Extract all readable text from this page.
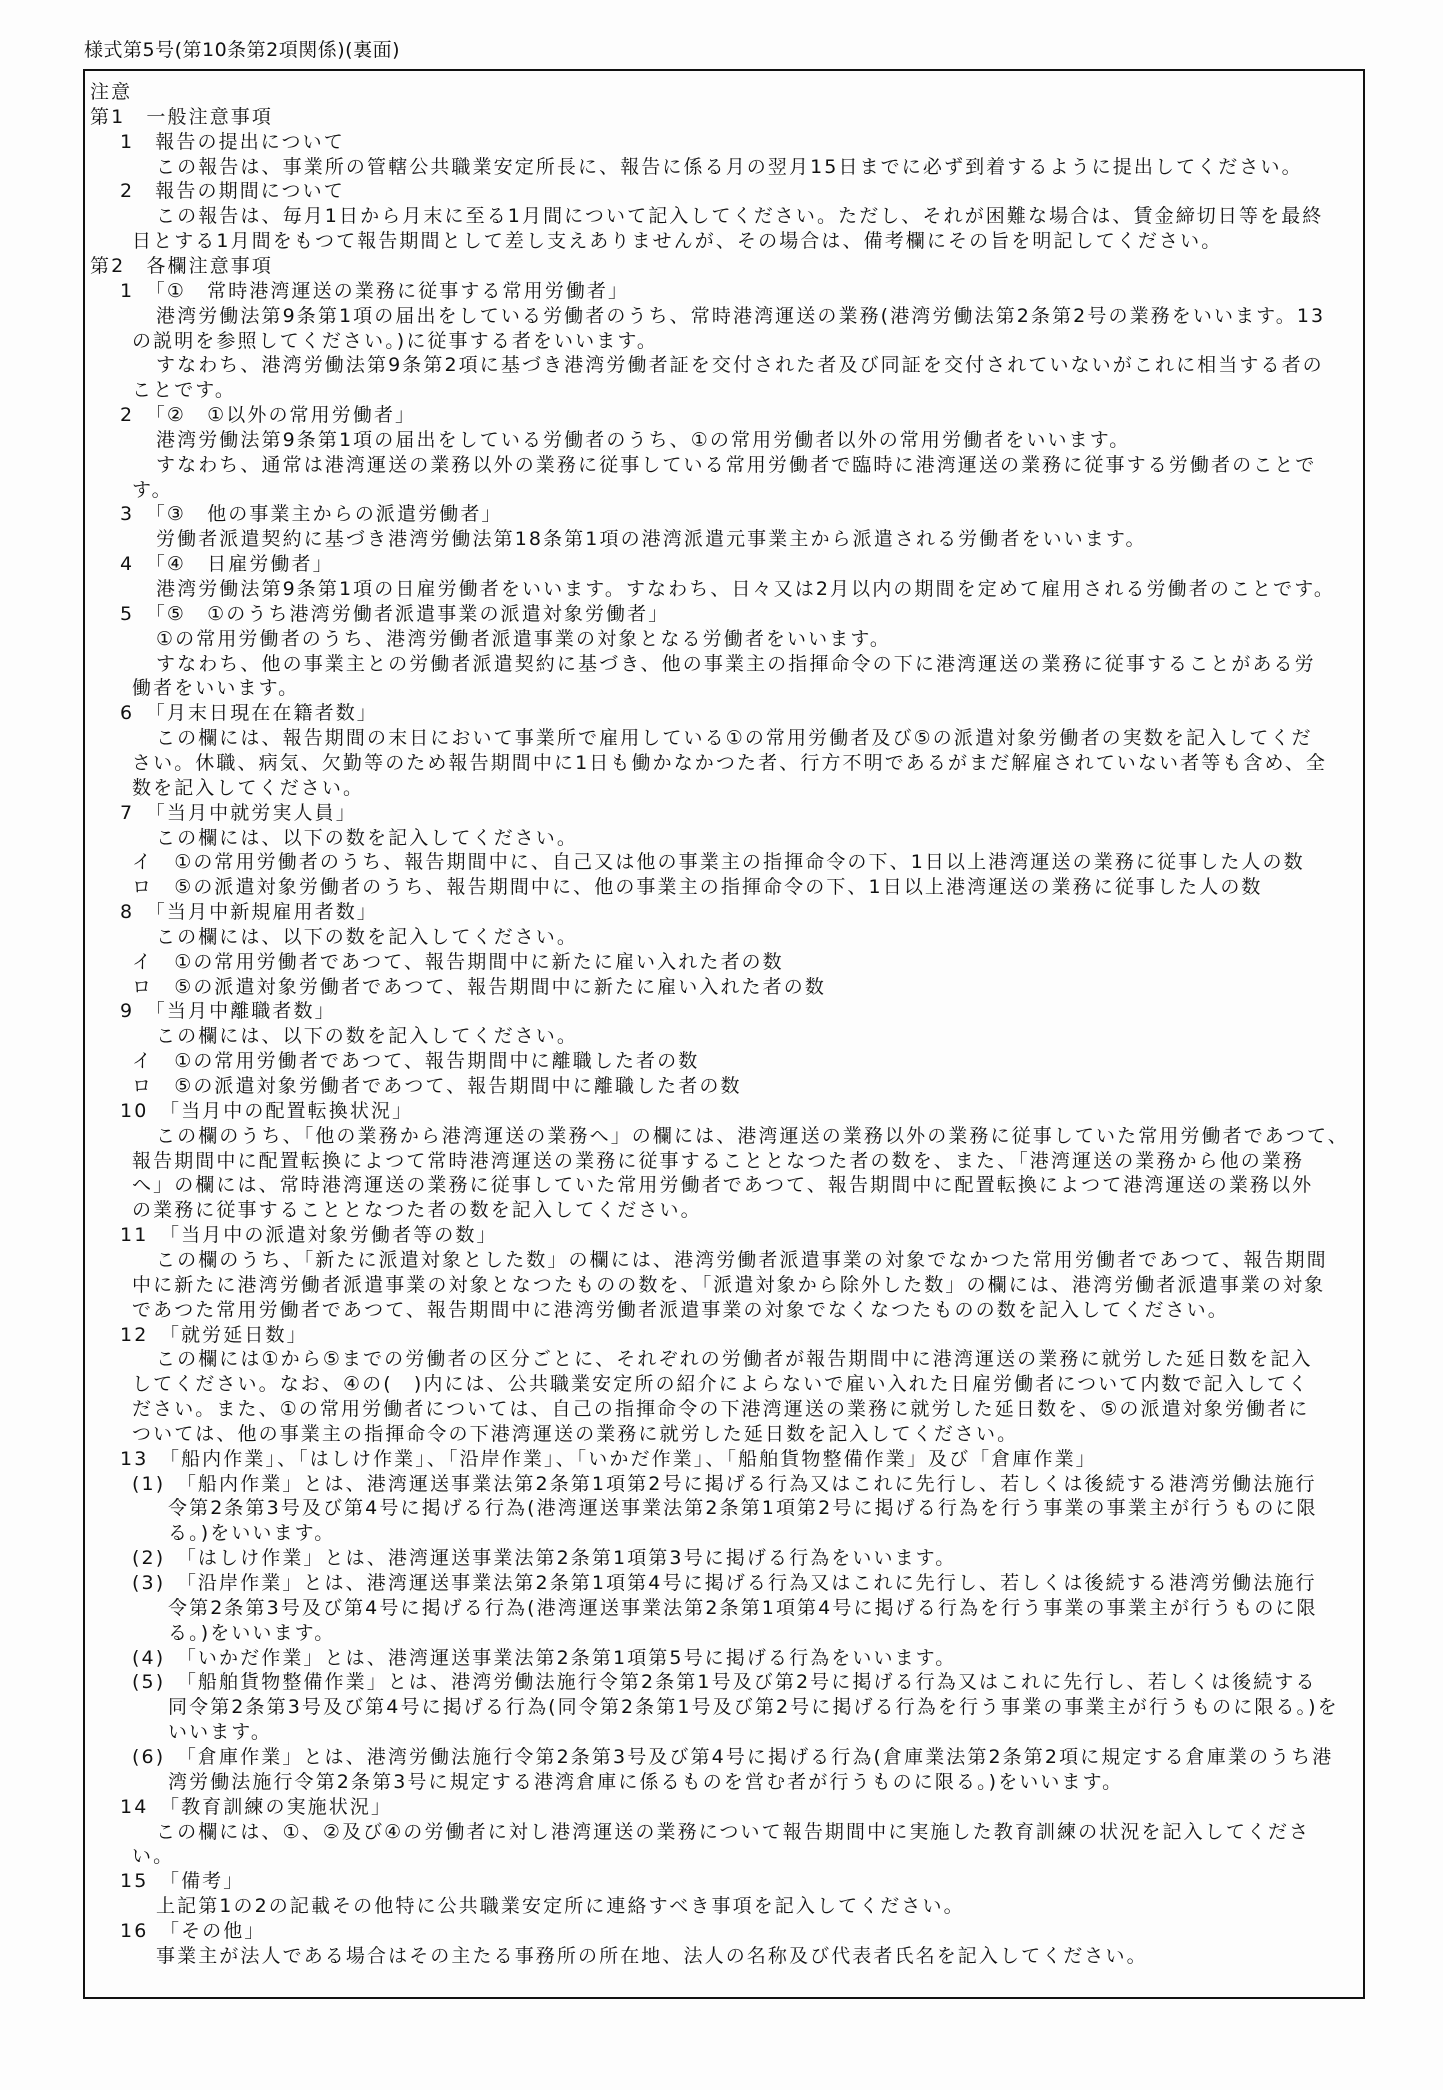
様式第5号(第10条第2項関係)(裏面)
注意
第1　一般注意事項
1　報告の提出について
この報告は、事業所の管轄公共職業安定所長に、報告に係る月の翌月15日までに必ず到着するように提出してください。
2　報告の期間について
この報告は、毎月1日から月末に至る1月間について記入してください。ただし、それが困難な場合は、賃金締切日等を最終
日とする1月間をもつて報告期間として差し支えありませんが、その場合は、備考欄にその旨を明記してください。
第2　各欄注意事項
1　「①　常時港湾運送の業務に従事する常用労働者」
港湾労働法第9条第1項の届出をしている労働者のうち、常時港湾運送の業務(港湾労働法第2条第2号の業務をいいます。13
の説明を参照してください。)に従事する者をいいます。
すなわち、港湾労働法第9条第2項に基づき港湾労働者証を交付された者及び同証を交付されていないがこれに相当する者の
ことです。
2　「②　①以外の常用労働者」
港湾労働法第9条第1項の届出をしている労働者のうち、①の常用労働者以外の常用労働者をいいます。
すなわち、通常は港湾運送の業務以外の業務に従事している常用労働者で臨時に港湾運送の業務に従事する労働者のことで
す。
3　「③　他の事業主からの派遣労働者」
労働者派遣契約に基づき港湾労働法第18条第1項の港湾派遣元事業主から派遣される労働者をいいます。
4　「④　日雇労働者」
港湾労働法第9条第1項の日雇労働者をいいます。すなわち、日々又は2月以内の期間を定めて雇用される労働者のことです。
5　「⑤　①のうち港湾労働者派遣事業の派遣対象労働者」
①の常用労働者のうち、港湾労働者派遣事業の対象となる労働者をいいます。
すなわち、他の事業主との労働者派遣契約に基づき、他の事業主の指揮命令の下に港湾運送の業務に従事することがある労
働者をいいます。
6　「月末日現在在籍者数」
この欄には、報告期間の末日において事業所で雇用している①の常用労働者及び⑤の派遣対象労働者の実数を記入してくだ
さい。休職、病気、欠勤等のため報告期間中に1日も働かなかつた者、行方不明であるがまだ解雇されていない者等も含め、全
数を記入してください。
7　「当月中就労実人員」
この欄には、以下の数を記入してください。
イ　①の常用労働者のうち、報告期間中に、自己又は他の事業主の指揮命令の下、1日以上港湾運送の業務に従事した人の数
ロ　⑤の派遣対象労働者のうち、報告期間中に、他の事業主の指揮命令の下、1日以上港湾運送の業務に従事した人の数
8　「当月中新規雇用者数」
この欄には、以下の数を記入してください。
イ　①の常用労働者であつて、報告期間中に新たに雇い入れた者の数
ロ　⑤の派遣対象労働者であつて、報告期間中に新たに雇い入れた者の数
9　「当月中離職者数」
この欄には、以下の数を記入してください。
イ　①の常用労働者であつて、報告期間中に離職した者の数
ロ　⑤の派遣対象労働者であつて、報告期間中に離職した者の数
10　「当月中の配置転換状況」
この欄のうち、「他の業務から港湾運送の業務へ」の欄には、港湾運送の業務以外の業務に従事していた常用労働者であつて、
報告期間中に配置転換によつて常時港湾運送の業務に従事することとなつた者の数を、また、「港湾運送の業務から他の業務
へ」の欄には、常時港湾運送の業務に従事していた常用労働者であつて、報告期間中に配置転換によつて港湾運送の業務以外
の業務に従事することとなつた者の数を記入してください。
11　「当月中の派遣対象労働者等の数」
この欄のうち、「新たに派遣対象とした数」の欄には、港湾労働者派遣事業の対象でなかつた常用労働者であつて、報告期間
中に新たに港湾労働者派遣事業の対象となつたものの数を、「派遣対象から除外した数」の欄には、港湾労働者派遣事業の対象
であつた常用労働者であつて、報告期間中に港湾労働者派遣事業の対象でなくなつたものの数を記入してください。
12　「就労延日数」
この欄には①から⑤までの労働者の区分ごとに、それぞれの労働者が報告期間中に港湾運送の業務に就労した延日数を記入
してください。なお、④の(　)内には、公共職業安定所の紹介によらないで雇い入れた日雇労働者について内数で記入してく
ださい。また、①の常用労働者については、自己の指揮命令の下港湾運送の業務に就労した延日数を、⑤の派遣対象労働者に
ついては、他の事業主の指揮命令の下港湾運送の業務に就労した延日数を記入してください。
13　「船内作業」、「はしけ作業」、「沿岸作業」、「いかだ作業」、「船舶貨物整備作業」及び「倉庫作業」
(1)　「船内作業」とは、港湾運送事業法第2条第1項第2号に掲げる行為又はこれに先行し、若しくは後続する港湾労働法施行
令第2条第3号及び第4号に掲げる行為(港湾運送事業法第2条第1項第2号に掲げる行為を行う事業の事業主が行うものに限
る。)をいいます。
(2)　「はしけ作業」とは、港湾運送事業法第2条第1項第3号に掲げる行為をいいます。
(3)　「沿岸作業」とは、港湾運送事業法第2条第1項第4号に掲げる行為又はこれに先行し、若しくは後続する港湾労働法施行
令第2条第3号及び第4号に掲げる行為(港湾運送事業法第2条第1項第4号に掲げる行為を行う事業の事業主が行うものに限
る。)をいいます。
(4)　「いかだ作業」とは、港湾運送事業法第2条第1項第5号に掲げる行為をいいます。
(5)　「船舶貨物整備作業」とは、港湾労働法施行令第2条第1号及び第2号に掲げる行為又はこれに先行し、若しくは後続する
同令第2条第3号及び第4号に掲げる行為(同令第2条第1号及び第2号に掲げる行為を行う事業の事業主が行うものに限る。)を
いいます。
(6)　「倉庫作業」とは、港湾労働法施行令第2条第3号及び第4号に掲げる行為(倉庫業法第2条第2項に規定する倉庫業のうち港
湾労働法施行令第2条第3号に規定する港湾倉庫に係るものを営む者が行うものに限る。)をいいます。
14　「教育訓練の実施状況」
この欄には、①、②及び④の労働者に対し港湾運送の業務について報告期間中に実施した教育訓練の状況を記入してくださ
い。
15　「備考」
上記第1の2の記載その他特に公共職業安定所に連絡すべき事項を記入してください。
16　「その他」
事業主が法人である場合はその主たる事務所の所在地、法人の名称及び代表者氏名を記入してください。
